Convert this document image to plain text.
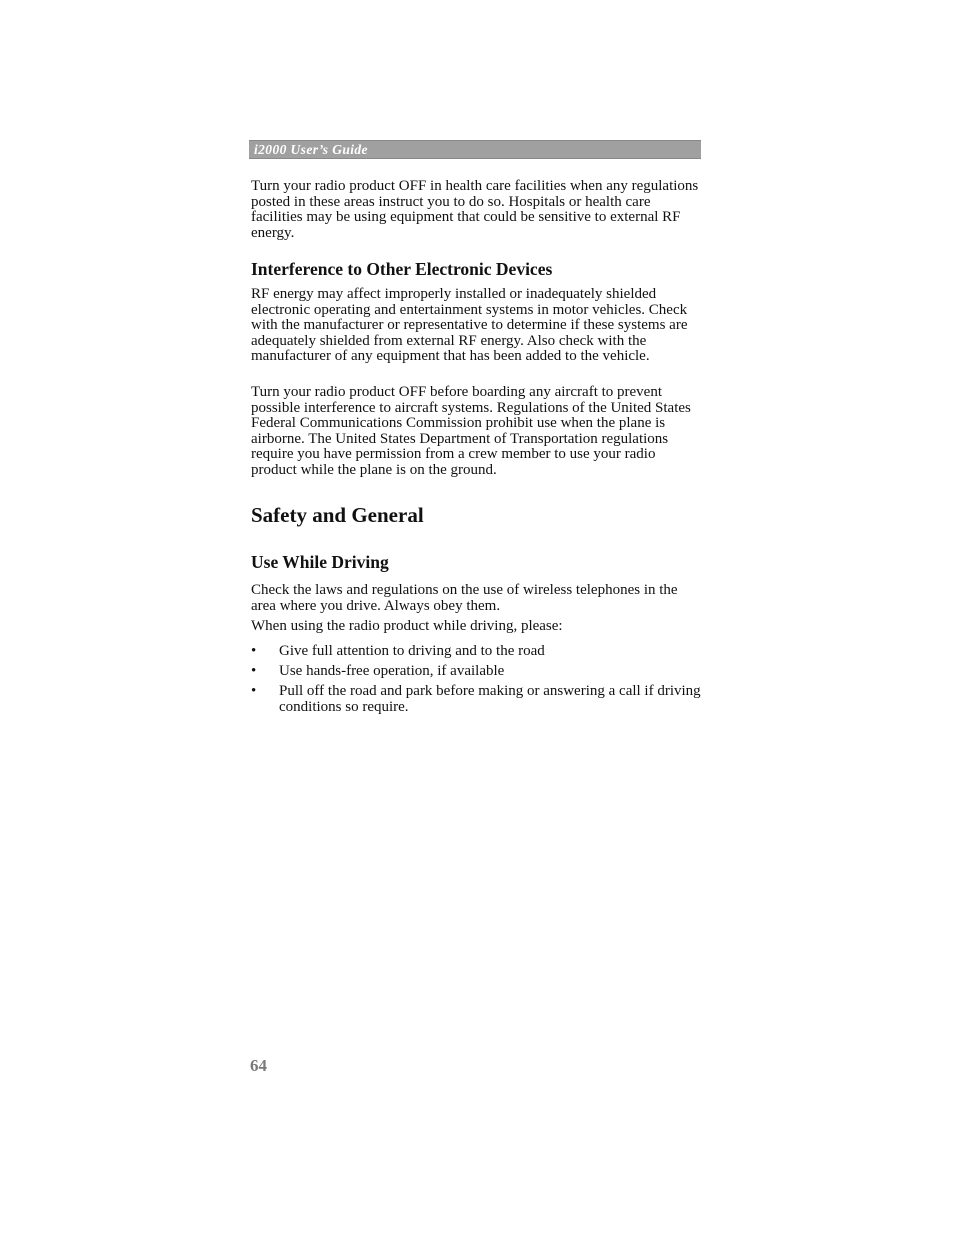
i2000 User’s Guide

Turn your radio product OFF in health care facilities when any regulations posted in these areas instruct you to do so. Hospitals or health care facilities may be using equipment that could be sensitive to external RF energy.

Interference to Other Electronic Devices

RF energy may affect improperly installed or inadequately shielded electronic operating and entertainment systems in motor vehicles. Check with the manufacturer or representative to determine if these systems are adequately shielded from external RF energy. Also check with the manufacturer of any equipment that has been added to the vehicle.

Turn your radio product OFF before boarding any aircraft to prevent possible interference to aircraft systems. Regulations of the United States Federal Communications Commission prohibit use when the plane is airborne. The United States Department of Transportation regulations require you have permission from a crew member to use your radio product while the plane is on the ground.

Safety and General
Use While Driving

Check the laws and regulations on the use of wireless telephones in the area where you drive. Always obey them.

When using the radio product while driving, please:

• Give full attention to driving and to the road
• Use hands-free operation, if available
• Pull off the road and park before making or answering a call if driving conditions so require.
64
